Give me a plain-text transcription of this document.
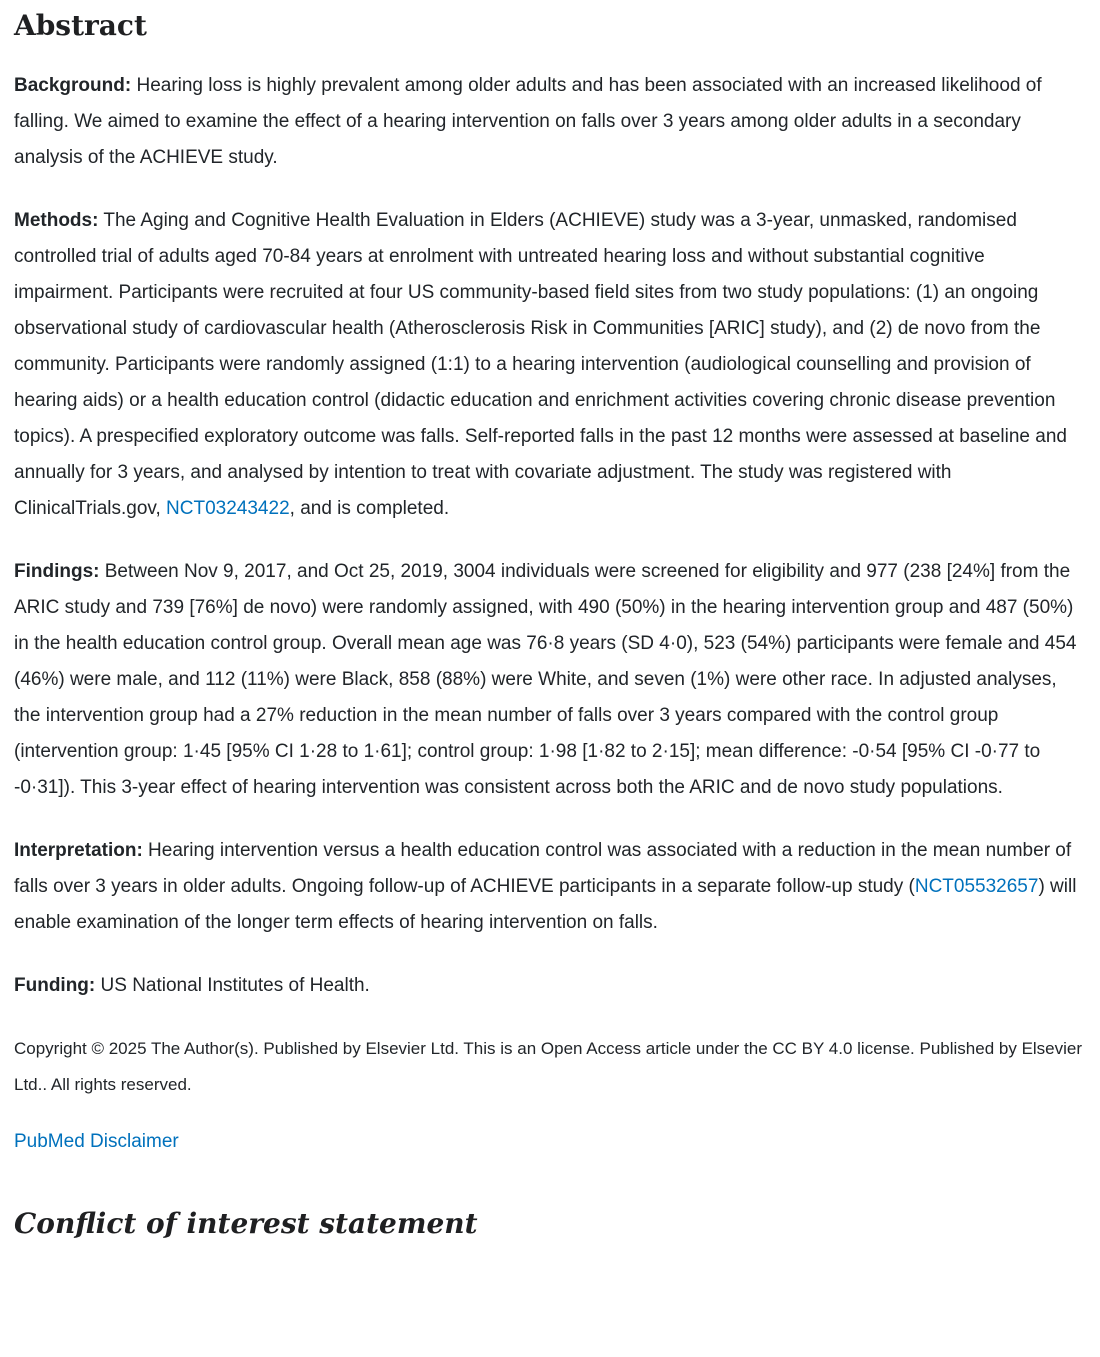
Abstract

Background: Hearing loss is highly prevalent among older adults and has been associated with an increased likelihood of falling. We aimed to examine the effect of a hearing intervention on falls over 3 years among older adults in a secondary analysis of the ACHIEVE study.

Methods: The Aging and Cognitive Health Evaluation in Elders (ACHIEVE) study was a 3-year, unmasked, randomised controlled trial of adults aged 70-84 years at enrolment with untreated hearing loss and without substantial cognitive impairment. Participants were recruited at four US community-based field sites from two study populations: (1) an ongoing observational study of cardiovascular health (Atherosclerosis Risk in Communities [ARIC] study), and (2) de novo from the community. Participants were randomly assigned (1:1) to a hearing intervention (audiological counselling and provision of hearing aids) or a health education control (didactic education and enrichment activities covering chronic disease prevention topics). A prespecified exploratory outcome was falls. Self-reported falls in the past 12 months were assessed at baseline and annually for 3 years, and analysed by intention to treat with covariate adjustment. The study was registered with ClinicalTrials.gov, NCT03243422, and is completed.

Findings: Between Nov 9, 2017, and Oct 25, 2019, 3004 individuals were screened for eligibility and 977 (238 [24%] from the ARIC study and 739 [76%] de novo) were randomly assigned, with 490 (50%) in the hearing intervention group and 487 (50%) in the health education control group. Overall mean age was 76·8 years (SD 4·0), 523 (54%) participants were female and 454 (46%) were male, and 112 (11%) were Black, 858 (88%) were White, and seven (1%) were other race. In adjusted analyses, the intervention group had a 27% reduction in the mean number of falls over 3 years compared with the control group (intervention group: 1·45 [95% CI 1·28 to 1·61]; control group: 1·98 [1·82 to 2·15]; mean difference: -0·54 [95% CI -0·77 to -0·31]). This 3-year effect of hearing intervention was consistent across both the ARIC and de novo study populations.

Interpretation: Hearing intervention versus a health education control was associated with a reduction in the mean number of falls over 3 years in older adults. Ongoing follow-up of ACHIEVE participants in a separate follow-up study (NCT05532657) will enable examination of the longer term effects of hearing intervention on falls.

Funding: US National Institutes of Health.

Copyright © 2025 The Author(s). Published by Elsevier Ltd. This is an Open Access article under the CC BY 4.0 license. Published by Elsevier Ltd.. All rights reserved.

PubMed Disclaimer

Conflict of interest statement
